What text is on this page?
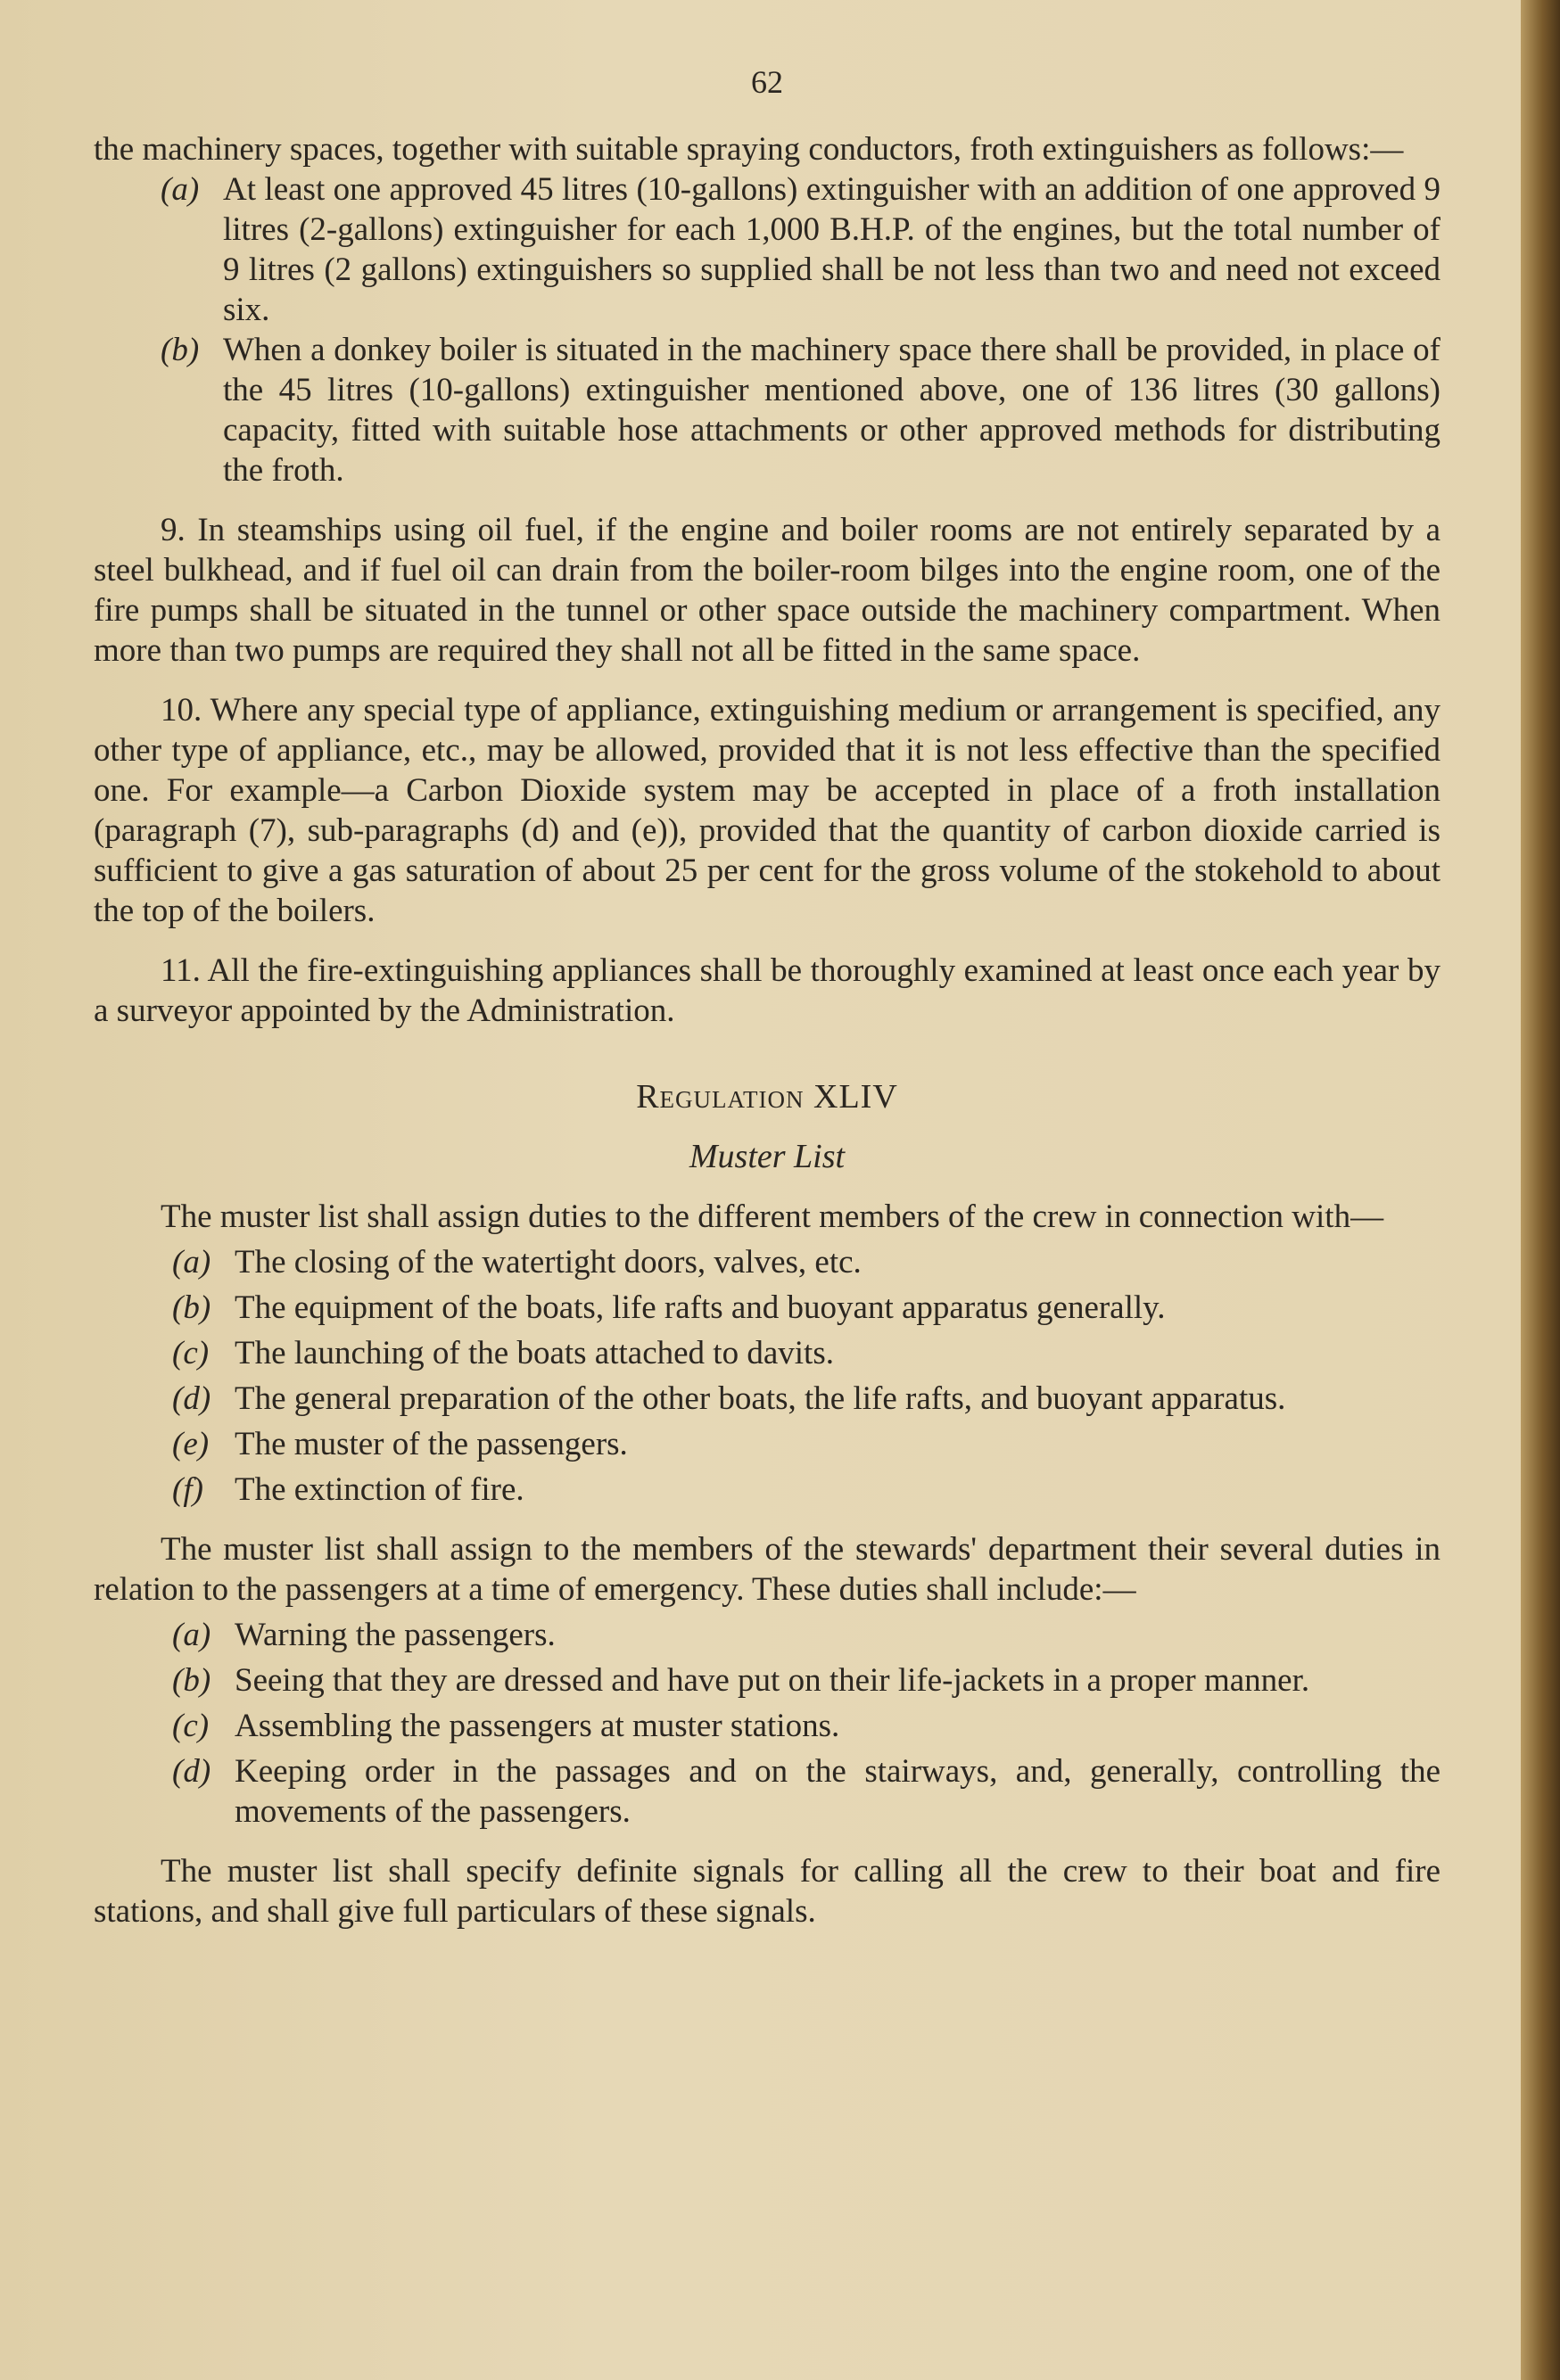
62

the machinery spaces, together with suitable spraying conductors, froth extinguishers as follows:—

(a) At least one approved 45 litres (10-gallons) extinguisher with an addition of one approved 9 litres (2-gallons) extinguisher for each 1,000 B.H.P. of the engines, but the total number of 9 litres (2 gallons) extinguishers so supplied shall be not less than two and need not exceed six.
(b) When a donkey boiler is situated in the machinery space there shall be provided, in place of the 45 litres (10-gallons) extinguisher mentioned above, one of 136 litres (30 gallons) capacity, fitted with suitable hose attachments or other approved methods for distributing the froth.

9. In steamships using oil fuel, if the engine and boiler rooms are not entirely separated by a steel bulkhead, and if fuel oil can drain from the boiler-room bilges into the engine room, one of the fire pumps shall be situated in the tunnel or other space outside the machinery compartment. When more than two pumps are required they shall not all be fitted in the same space.

10. Where any special type of appliance, extinguishing medium or arrangement is specified, any other type of appliance, etc., may be allowed, provided that it is not less effective than the specified one. For example—a Carbon Dioxide system may be accepted in place of a froth installation (paragraph (7), sub-paragraphs (d) and (e)), provided that the quantity of carbon dioxide carried is sufficient to give a gas saturation of about 25 per cent for the gross volume of the stokehold to about the top of the boilers.

11. All the fire-extinguishing appliances shall be thoroughly examined at least once each year by a surveyor appointed by the Administration.

Regulation XLIV
Muster List

The muster list shall assign duties to the different members of the crew in connection with—

(a) The closing of the watertight doors, valves, etc.
(b) The equipment of the boats, life rafts and buoyant apparatus generally.
(c) The launching of the boats attached to davits.
(d) The general preparation of the other boats, the life rafts, and buoyant apparatus.
(e) The muster of the passengers.
(f) The extinction of fire.

The muster list shall assign to the members of the stewards' department their several duties in relation to the passengers at a time of emergency. These duties shall include:—

(a) Warning the passengers.
(b) Seeing that they are dressed and have put on their life-jackets in a proper manner.
(c) Assembling the passengers at muster stations.
(d) Keeping order in the passages and on the stairways, and, generally, controlling the movements of the passengers.

The muster list shall specify definite signals for calling all the crew to their boat and fire stations, and shall give full particulars of these signals.
